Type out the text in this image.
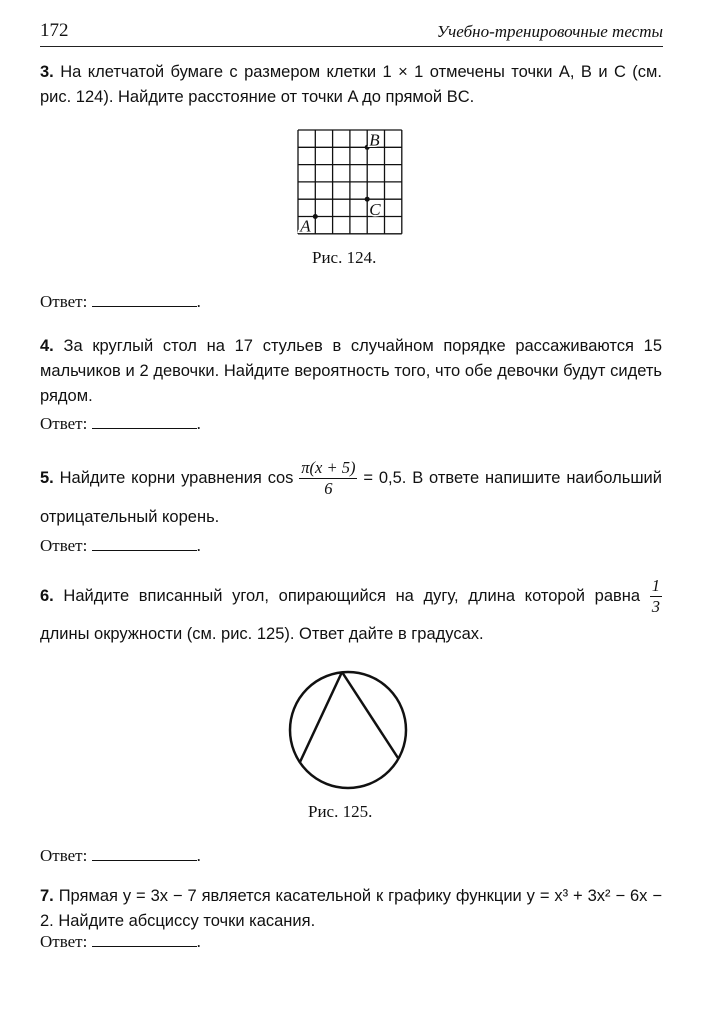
172	Учебно-тренировочные тесты
3. На клетчатой бумаге с размером клетки 1 × 1 отмечены точки A, B и C (см. рис. 124). Найдите расстояние от точки A до прямой BC.
A
B
C
Рис. 124.
Ответ:	.
4. За круглый стол на 17 стульев в случайном порядке рассаживаются 15 мальчиков и 2 девочки. Найдите вероятность того, что обе девочки будут сидеть рядом.
Ответ:	.
5. Найдите корни уравнения $\cos \frac{\pi(x + 5)}{6} = 0,5$. В ответе напишите наибольший отрицательный корень.
Ответ:	.
6. Найдите вписанный угол, опирающийся на дугу, длина которой равна $\frac{1}{3}$
длины окружности (см. рис. 125). Ответ дайте в градусах.
Рис. 125.
Ответ:	.
7. Прямая y = 3x − 7 является касательной к графику функции y = x³ + 3x² − 6x − 2. Найдите абсциссу точки касания.
Ответ:	.
